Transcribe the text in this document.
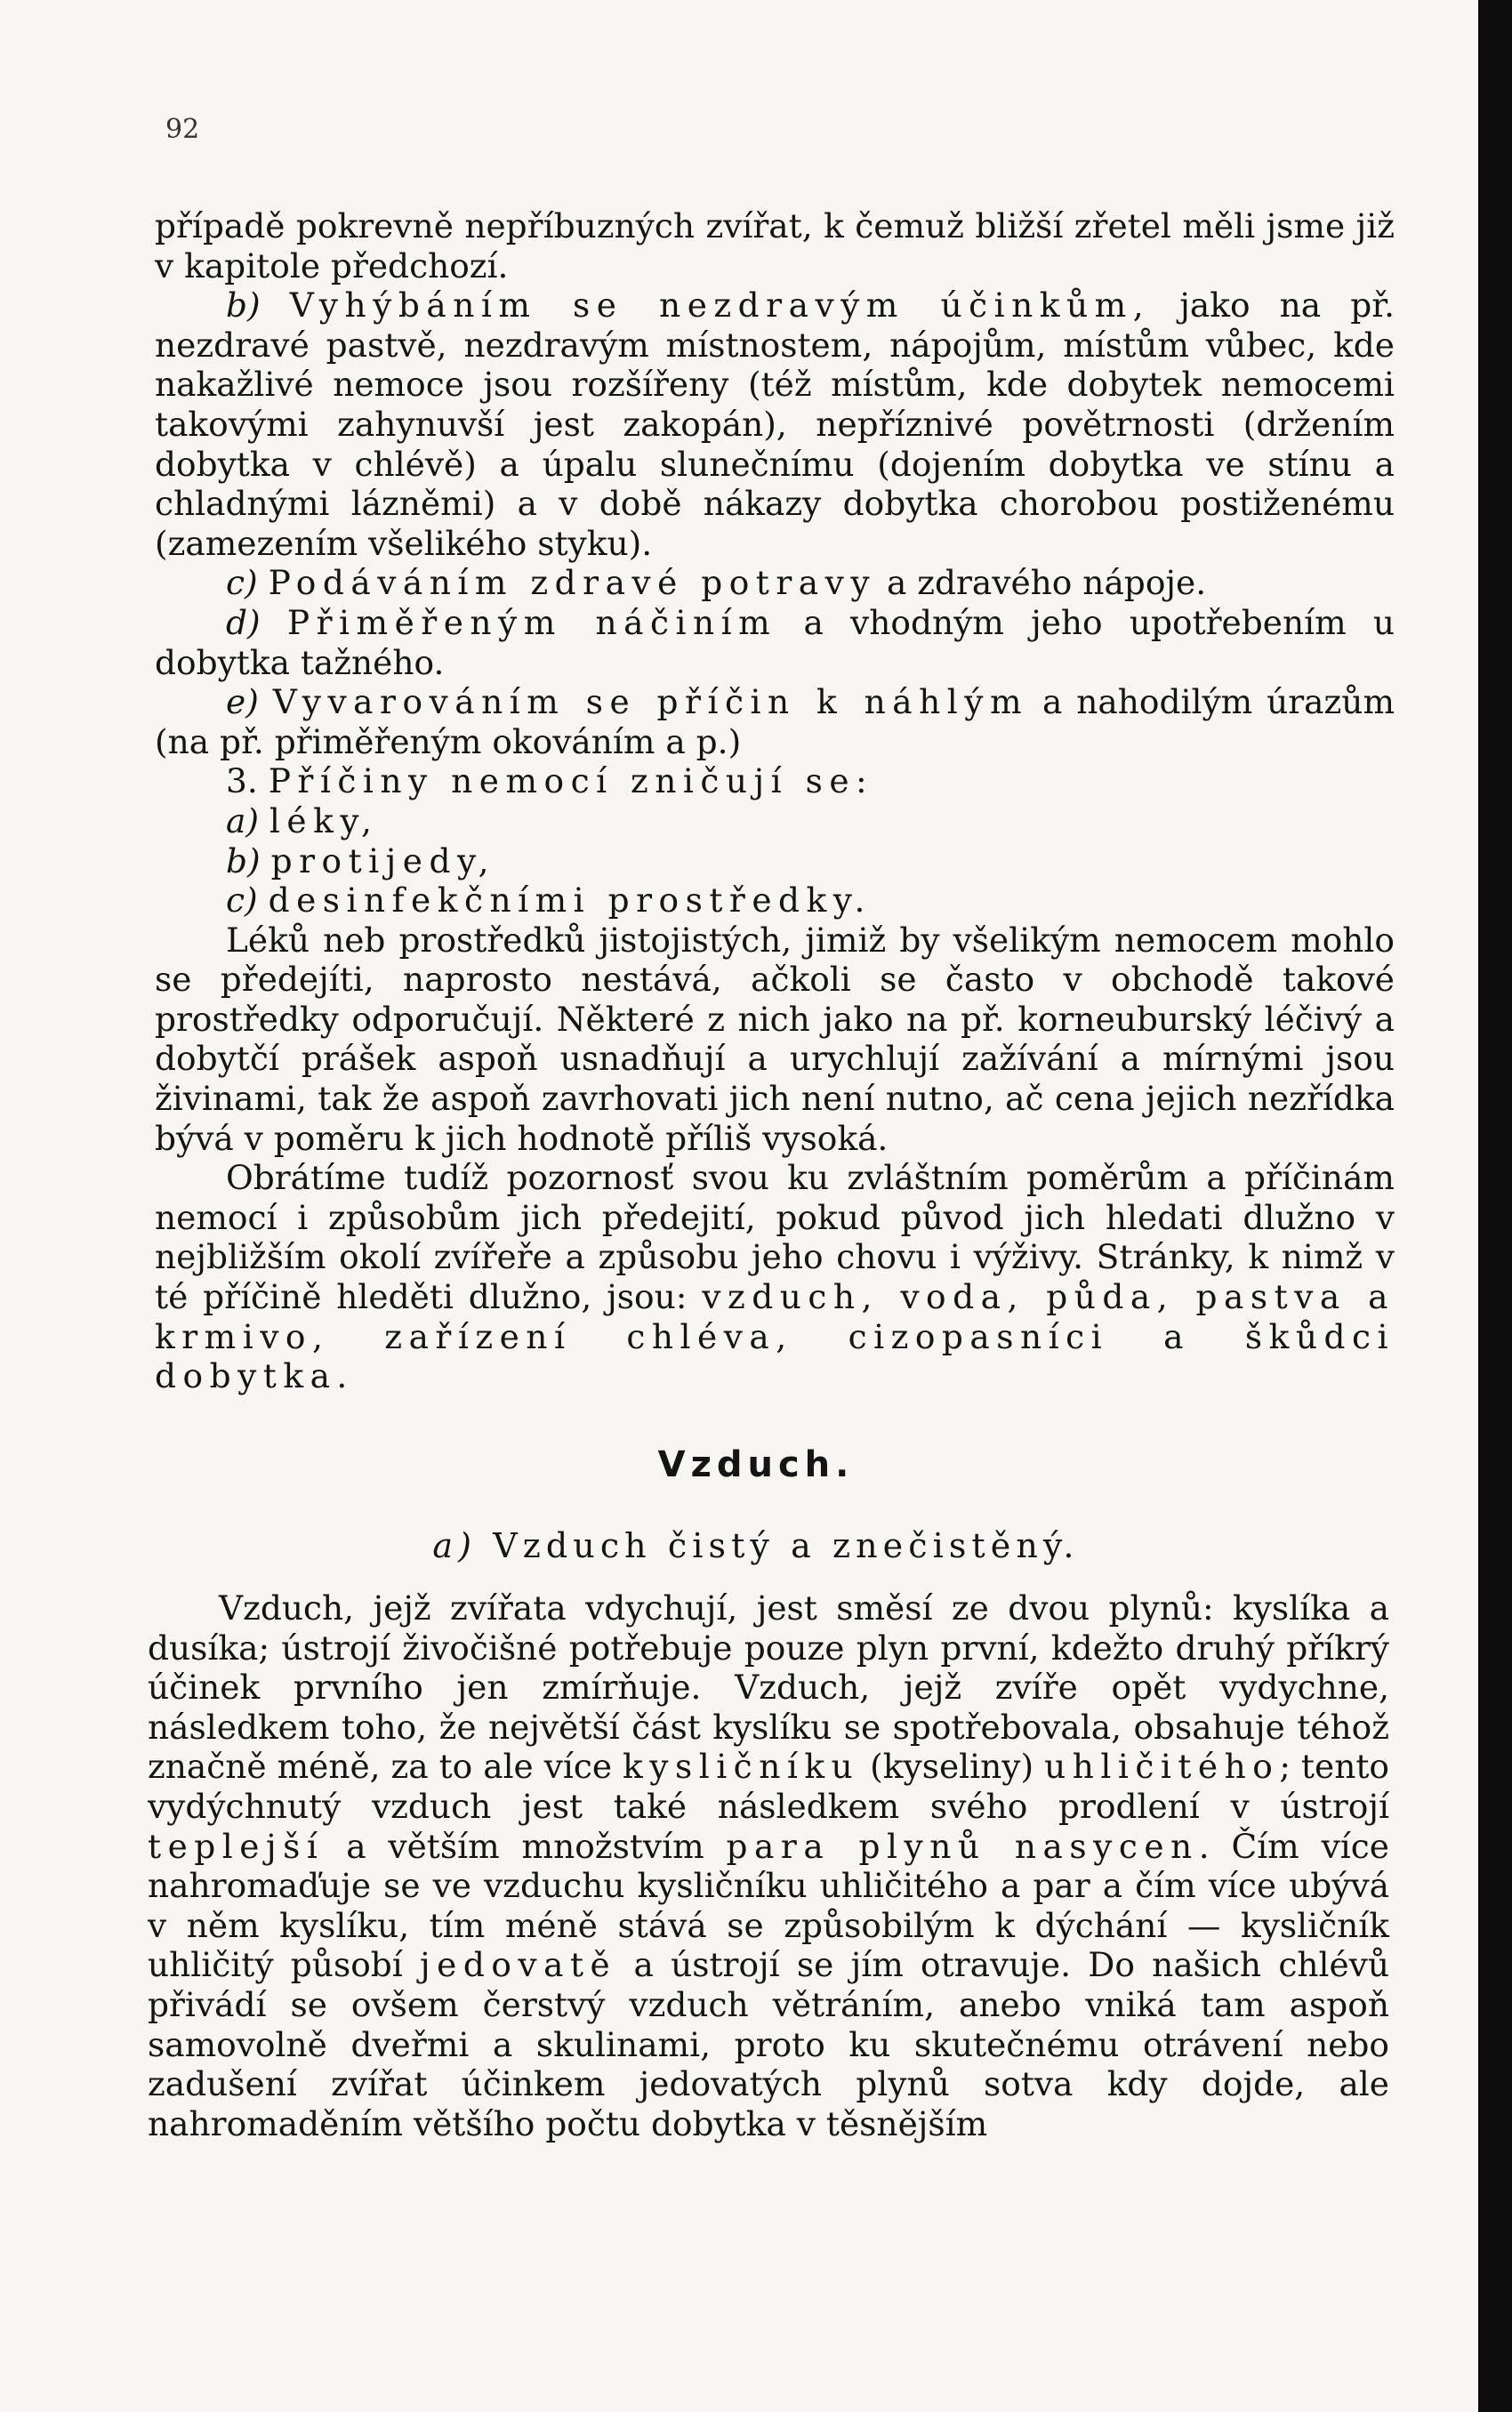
92

případě pokrevně nepříbuzných zvířat, k čemuž bližší zřetel měli jsme již v kapitole předchozí.

b) Vyhýbáním se nezdravým účinkům, jako na př. nezdravé pastvě, nezdravým místnostem, nápojům, místům vůbec, kde nakažlivé nemoce jsou rozšířeny (též místům, kde dobytek nemocemi takovými zahynuvší jest zakopán), nepříznivé povětrnosti (držením dobytka v chlévě) a úpalu slunečnímu (dojením dobytka ve stínu a chladnými lázněmi) a v době nákazy dobytka chorobou postiženému (zamezením všelikého styku).

c) Podáváním zdravé potravy a zdravého nápoje.

d) Přiměřeným náčiním a vhodným jeho upotřebením u dobytka tažného.

e) Vyvarováním se příčin k náhlým a nahodilým úrazům (na př. přiměřeným okováním a p.)

3. Příčiny nemocí zničují se:

a) léky,

b) protijedy,

c) desinfekčními prostředky.

Léků neb prostředků jistojistých, jimiž by všelikým nemocem mohlo se předejíti, naprosto nestává, ačkoli se často v obchodě takové prostředky odporučují. Některé z nich jako na př. korneuburský léčivý a dobytčí prášek aspoň usnadňují a urychlují zažívání a mírnými jsou živinami, tak že aspoň zavrhovati jich není nutno, ač cena jejich nezřídka bývá v poměru k jich hodnotě příliš vysoká.

Obrátíme tudíž pozornosť svou ku zvláštním poměrům a příčinám nemocí i způsobům jich předejití, pokud původ jich hledati dlužno v nejbližším okolí zvířeře a způsobu jeho chovu i výživy. Stránky, k nimž v té příčině hleděti dlužno, jsou: vzduch, voda, půda, pastva a krmivo, zařízení chléva, cizopasníci a škůdci dobytka.

Vzduch.
a) Vzduch čistý a znečistěný.

Vzduch, jejž zvířata vdychují, jest směsí ze dvou plynů: kyslíka a dusíka; ústrojí živočišné potřebuje pouze plyn první, kdežto druhý příkrý účinek prvního jen zmírňuje. Vzduch, jejž zvíře opět vydychne, následkem toho, že největší část kyslíku se spotřebovala, obsahuje téhož značně méně, za to ale více kysličníku (kyseliny) uhličitého; tento vydýchnutý vzduch jest také následkem svého prodlení v ústrojí teplejší a větším množstvím para plynů nasycen. Čím více nahromaďuje se ve vzduchu kysličníku uhličitého a par a čím více ubývá v něm kyslíku, tím méně stává se způsobilým k dýchání — kysličník uhličitý působí jedovatě a ústrojí se jím otravuje. Do našich chlévů přivádí se ovšem čerstvý vzduch větráním, anebo vniká tam aspoň samovolně dveřmi a skulinami, proto ku skutečnému otrávení nebo zadušení zvířat účinkem jedovatých plynů sotva kdy dojde, ale nahromaděním většího počtu dobytka v těsnějším
